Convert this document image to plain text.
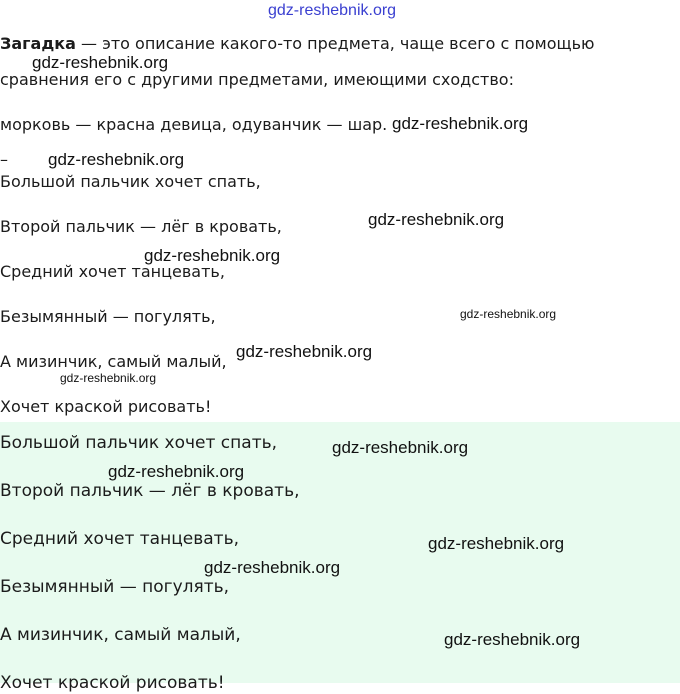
gdz-reshebnik.org
Загадка — это описание какого-то предмета, чаще всего с помощью
сравнения его с другими предметами, имеющими сходство:
морковь — красна девица, одуванчик — шар.
–
Большой пальчик хочет спать,
Второй пальчик — лёг в кровать,
Средний хочет танцевать,
Безымянный — погулять,
А мизинчик, самый малый,
Хочет краской рисовать!
Большой пальчик хочет спать,
Второй пальчик — лёг в кровать,
Средний хочет танцевать,
Безымянный — погулять,
А мизинчик, самый малый,
Хочет краской рисовать!
gdz-reshebnik.org
gdz-reshebnik.org
gdz-reshebnik.org
gdz-reshebnik.org
gdz-reshebnik.org
gdz-reshebnik.org
gdz-reshebnik.org
gdz-reshebnik.org
gdz-reshebnik.org
gdz-reshebnik.org
gdz-reshebnik.org
gdz-reshebnik.org
gdz-reshebnik.org
